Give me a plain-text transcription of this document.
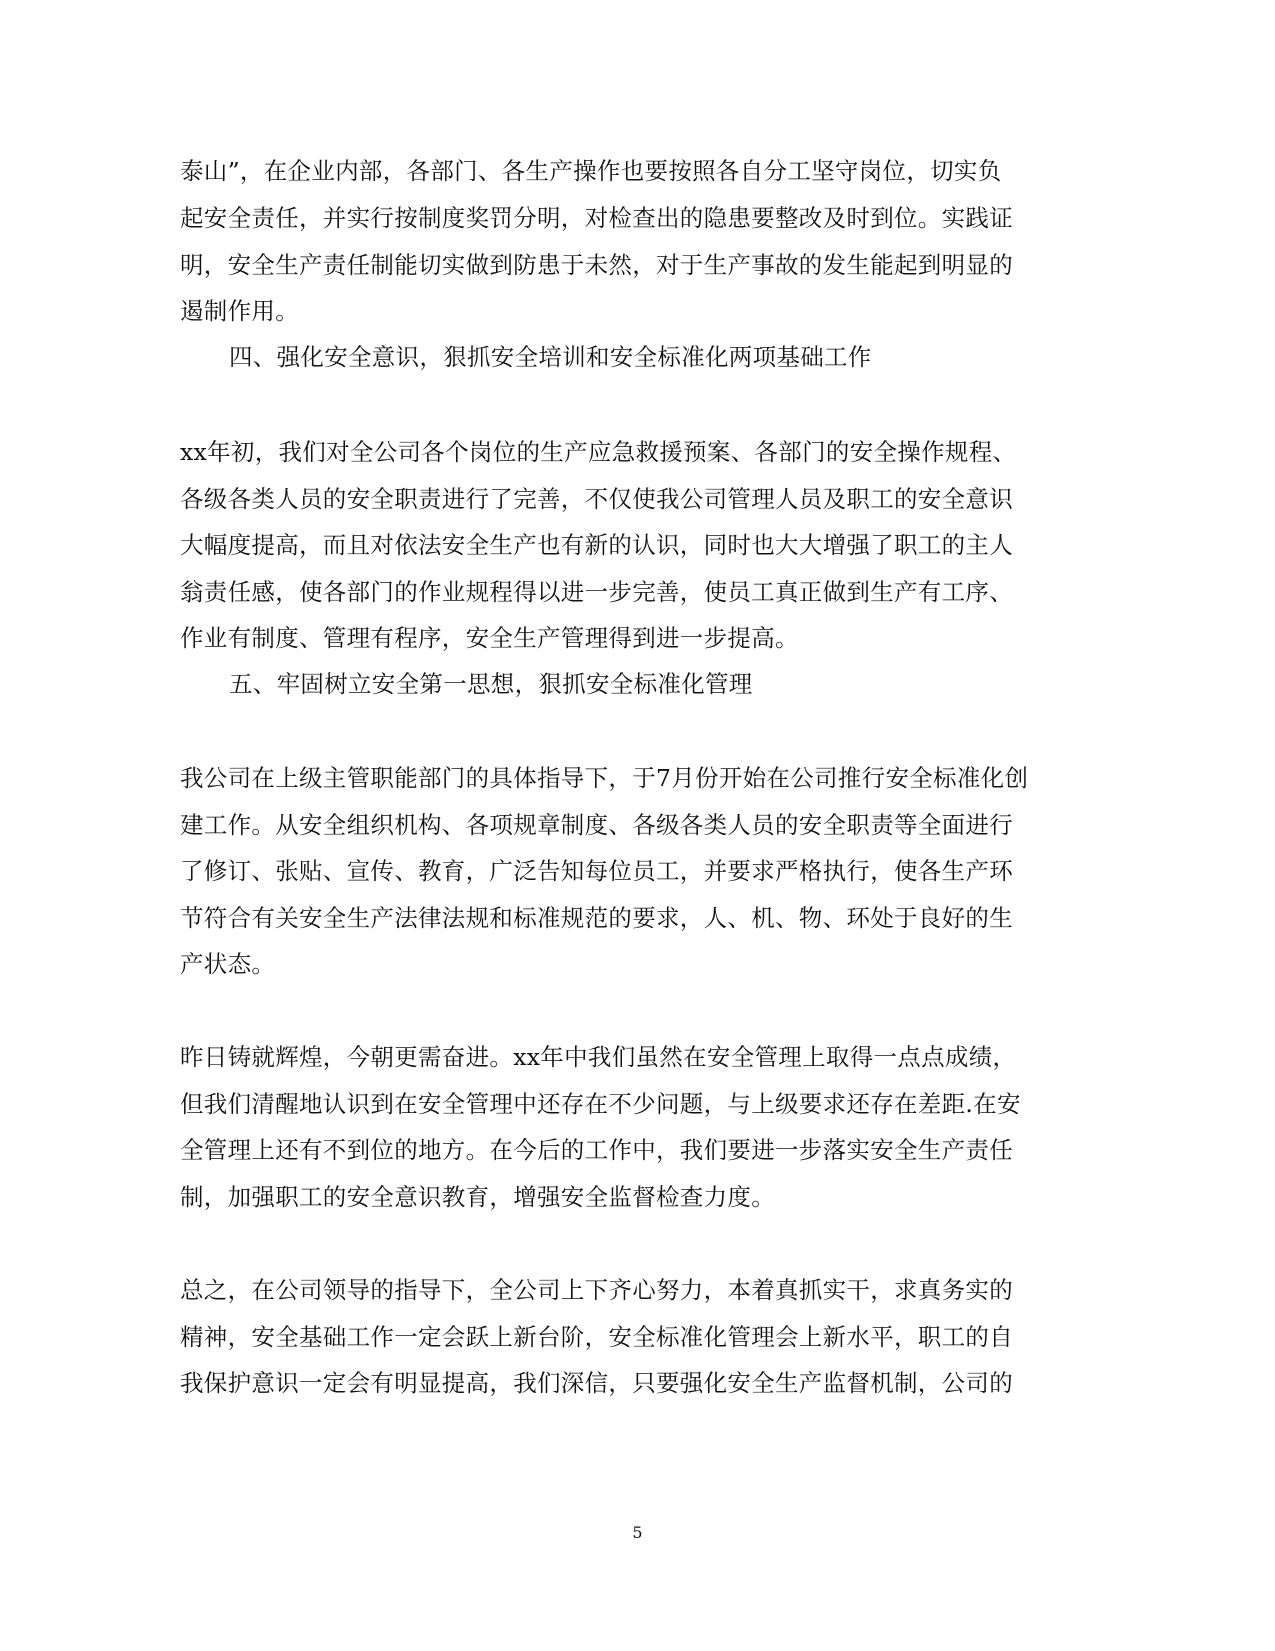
泰山”，在企业内部，各部门、各生产操作也要按照各自分工坚守岗位，切实负
起安全责任，并实行按制度奖罚分明，对检查出的隐患要整改及时到位。实践证
明，安全生产责任制能切实做到防患于未然，对于生产事故的发生能起到明显的
遏制作用。
四、强化安全意识，狠抓安全培训和安全标准化两项基础工作
xx年初，我们对全公司各个岗位的生产应急救援预案、各部门的安全操作规程、
各级各类人员的安全职责进行了完善，不仅使我公司管理人员及职工的安全意识
大幅度提高，而且对依法安全生产也有新的认识，同时也大大增强了职工的主人
翁责任感，使各部门的作业规程得以进一步完善，使员工真正做到生产有工序、
作业有制度、管理有程序，安全生产管理得到进一步提高。
五、牢固树立安全第一思想，狠抓安全标准化管理
我公司在上级主管职能部门的具体指导下，于7月份开始在公司推行安全标准化创
建工作。从安全组织机构、各项规章制度、各级各类人员的安全职责等全面进行
了修订、张贴、宣传、教育，广泛告知每位员工，并要求严格执行，使各生产环
节符合有关安全生产法律法规和标准规范的要求，人、机、物、环处于良好的生
产状态。
昨日铸就辉煌，今朝更需奋进。xx年中我们虽然在安全管理上取得一点点成绩，
但我们清醒地认识到在安全管理中还存在不少问题，与上级要求还存在差距.在安
全管理上还有不到位的地方。在今后的工作中，我们要进一步落实安全生产责任
制，加强职工的安全意识教育，增强安全监督检查力度。
总之，在公司领导的指导下，全公司上下齐心努力，本着真抓实干，求真务实的
精神，安全基础工作一定会跃上新台阶，安全标准化管理会上新水平，职工的自
我保护意识一定会有明显提高，我们深信，只要强化安全生产监督机制，公司的
5
